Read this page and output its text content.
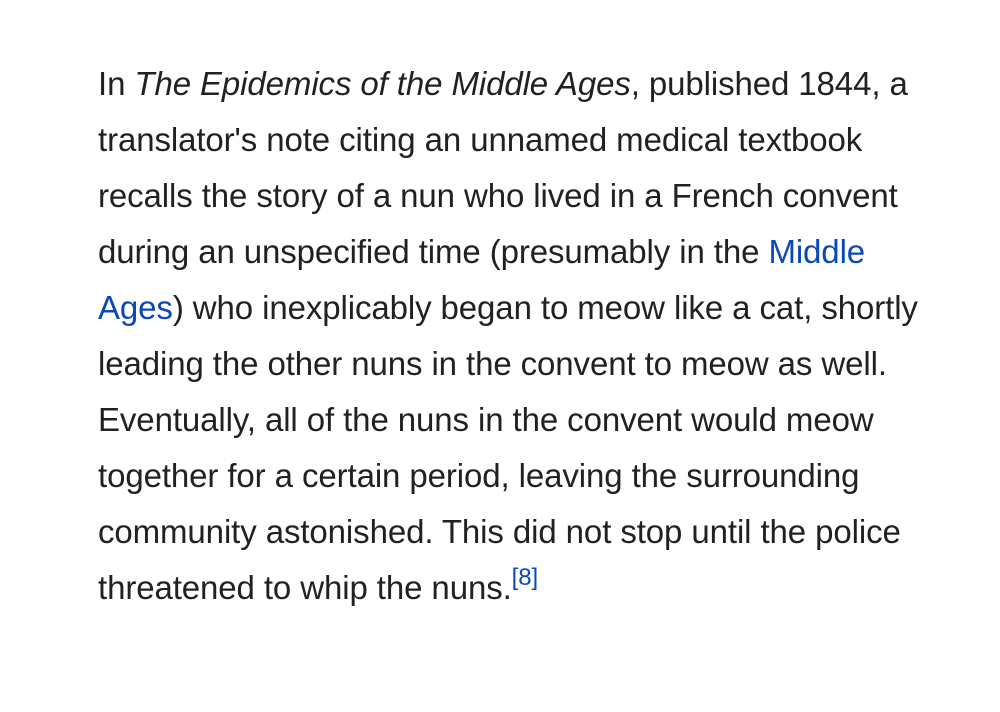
In The Epidemics of the Middle Ages, published 1844, a translator's note citing an unnamed medical textbook recalls the story of a nun who lived in a French convent during an unspecified time (presumably in the Middle Ages) who inexplicably began to meow like a cat, shortly leading the other nuns in the convent to meow as well. Eventually, all of the nuns in the convent would meow together for a certain period, leaving the surrounding community astonished. This did not stop until the police threatened to whip the nuns.[8]
